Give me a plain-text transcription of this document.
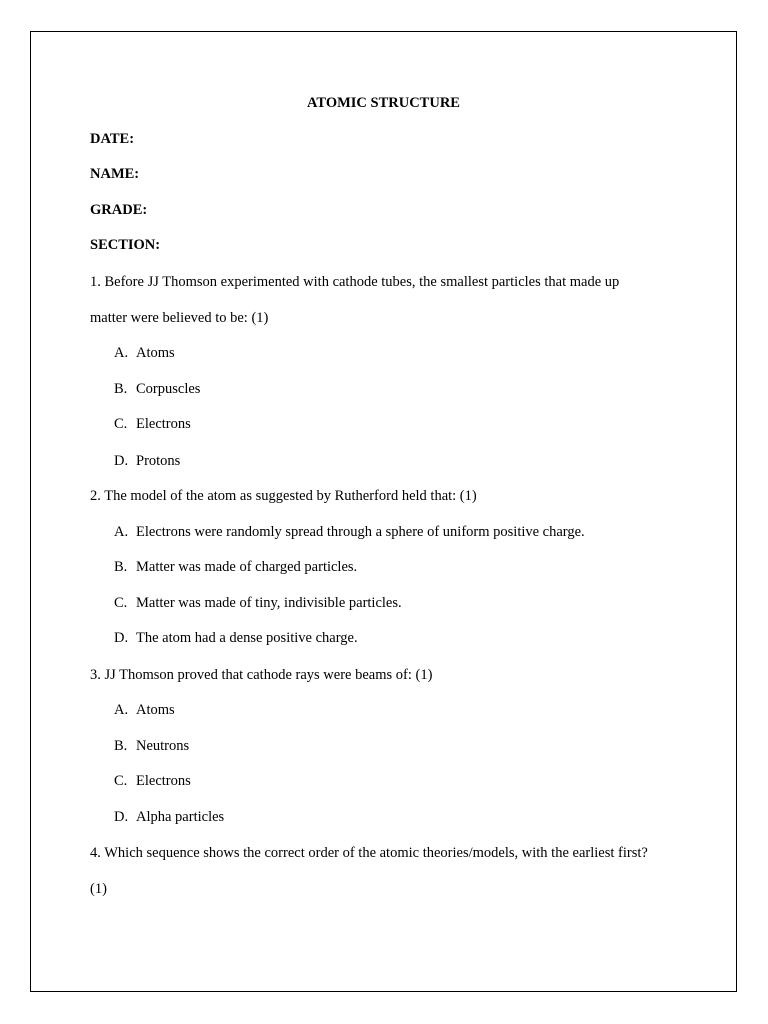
ATOMIC STRUCTURE
DATE:
NAME:
GRADE:
SECTION:
1. Before JJ Thomson experimented with cathode tubes, the smallest particles that made up
matter were believed to be: (1)
A. Atoms
B. Corpuscles
C. Electrons
D. Protons
2. The model of the atom as suggested by Rutherford held that: (1)
A. Electrons were randomly spread through a sphere of uniform positive charge.
B. Matter was made of charged particles.
C. Matter was made of tiny, indivisible particles.
D. The atom had a dense positive charge.
3. JJ Thomson proved that cathode rays were beams of: (1)
A. Atoms
B. Neutrons
C. Electrons
D. Alpha particles
4. Which sequence shows the correct order of the atomic theories/models, with the earliest first?
(1)
